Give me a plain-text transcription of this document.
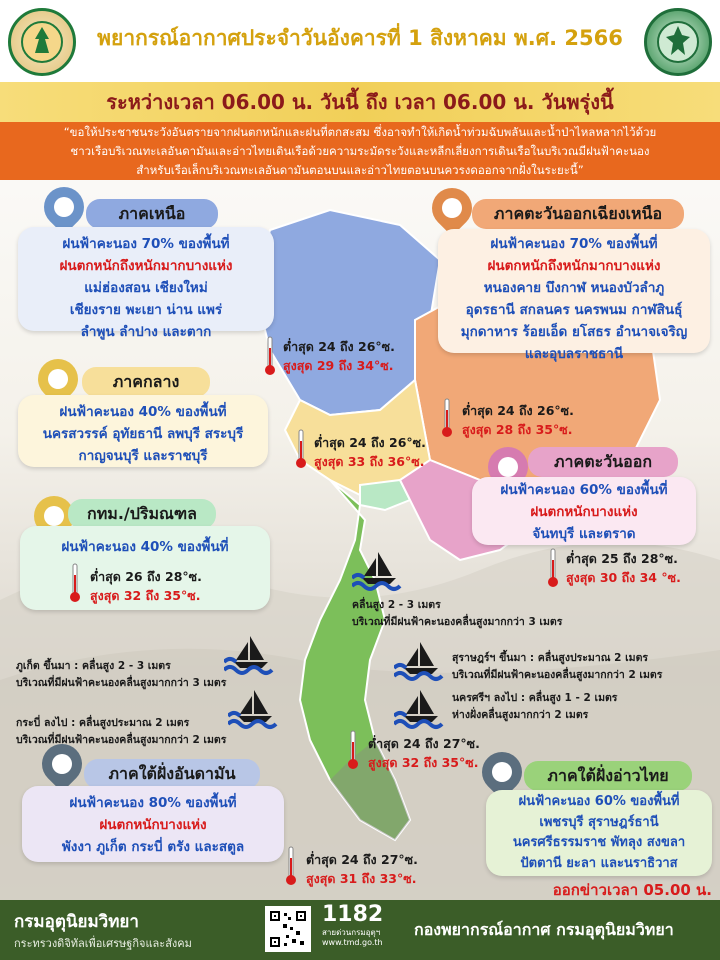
พยากรณ์อากาศประจำวันอังคารที่ 1 สิงหาคม พ.ศ. 2566
ระหว่างเวลา 06.00 น. วันนี้ ถึง เวลา 06.00 น. วันพรุ่งนี้
“ขอให้ประชาชนระวังอันตรายจากฝนตกหนักและฝนที่ตกสะสม ซึ่งอาจทำให้เกิดน้ำท่วมฉับพลันและน้ำป่าไหลหลากไว้ด้วย
ชาวเรือบริเวณทะเลอันดามันและอ่าวไทยเดินเรือด้วยความระมัดระวังและหลีกเลี่ยงการเดินเรือในบริเวณมีฝนฟ้าคะนอง
สำหรับเรือเล็กบริเวณทะเลอันดามันตอนบนและอ่าวไทยตอนบนควรงดออกจากฝั่งในระยะนี้”
ภาคเหนือ
ฝนฟ้าคะนอง 70% ของพื้นที่
ฝนตกหนักถึงหนักมากบางแห่ง
แม่ฮ่องสอน เชียงใหม่
เชียงราย พะเยา น่าน แพร่
ลำพูน ลำปาง และตาก
ต่ำสุด 24 ถึง 26°ซ.
สูงสุด 29 ถึง 34°ซ.
ภาคตะวันออกเฉียงเหนือ
ฝนฟ้าคะนอง 70% ของพื้นที่
ฝนตกหนักถึงหนักมากบางแห่ง
หนองคาย บึงกาฬ หนองบัวลำภู
อุดรธานี สกลนคร นครพนม กาฬสินธุ์
มุกดาหาร ร้อยเอ็ด ยโสธร อำนาจเจริญ
และอุบลราชธานี
ต่ำสุด 24 ถึง 26°ซ.
สูงสุด 28 ถึง 35°ซ.
ภาคกลาง
ฝนฟ้าคะนอง 40% ของพื้นที่
นครสวรรค์ อุทัยธานี ลพบุรี สระบุรี
กาญจนบุรี และราชบุรี
ต่ำสุด 24 ถึง 26°ซ.
สูงสุด 33 ถึง 36°ซ.	ภาคตะวันออก
ฝนฟ้าคะนอง 60% ของพื้นที่
ฝนตกหนักบางแห่ง
จันทบุรี และตราด
ต่ำสุด 25 ถึง 28°ซ.
สูงสุด 30 ถึง 34 °ซ.
กทม./ปริมณฑล
ฝนฟ้าคะนอง 40% ของพื้นที่
ต่ำสุด 26 ถึง 28°ซ.
สูงสุด 32 ถึง 35°ซ.
คลื่นสูง 2 - 3 เมตร
บริเวณที่มีฝนฟ้าคะนองคลื่นสูงมากกว่า 3 เมตร
ภูเก็ต ขึ้นมา : คลื่นสูง 2 - 3 เมตร
บริเวณที่มีฝนฟ้าคะนองคลื่นสูงมากกว่า 3 เมตร
กระบี่ ลงไป : คลื่นสูงประมาณ 2 เมตร
บริเวณที่มีฝนฟ้าคะนองคลื่นสูงมากกว่า 2 เมตร
สุราษฎร์ฯ ขึ้นมา : คลื่นสูงประมาณ 2 เมตร
บริเวณที่มีฝนฟ้าคะนองคลื่นสูงมากกว่า 2 เมตร
นครศรีฯ ลงไป : คลื่นสูง 1 - 2 เมตร
ห่างฝั่งคลื่นสูงมากกว่า 2 เมตร
ต่ำสุด 24 ถึง 27°ซ.
สูงสุด 32 ถึง 35°ซ.
ภาคใต้ฝั่งอันดามัน
ฝนฟ้าคะนอง 80% ของพื้นที่
ฝนตกหนักบางแห่ง
พังงา ภูเก็ต กระบี่ ตรัง และสตูล
ต่ำสุด 24 ถึง 27°ซ.
สูงสุด 31 ถึง 33°ซ.
ภาคใต้ฝั่งอ่าวไทย
ฝนฟ้าคะนอง 60% ของพื้นที่
เพชรบุรี สุราษฎร์ธานี
นครศรีธรรมราช พัทลุง สงขลา
ปัตตานี ยะลา และนราธิวาส
ออกข่าวเวลา 05.00 น.
กรมอุตุนิยมวิทยา
กระทรวงดิจิทัลเพื่อเศรษฐกิจและสังคม
1182
สายด่วนกรมอุตุฯ
www.tmd.go.th
กองพยากรณ์อากาศ กรมอุตุนิยมวิทยา
